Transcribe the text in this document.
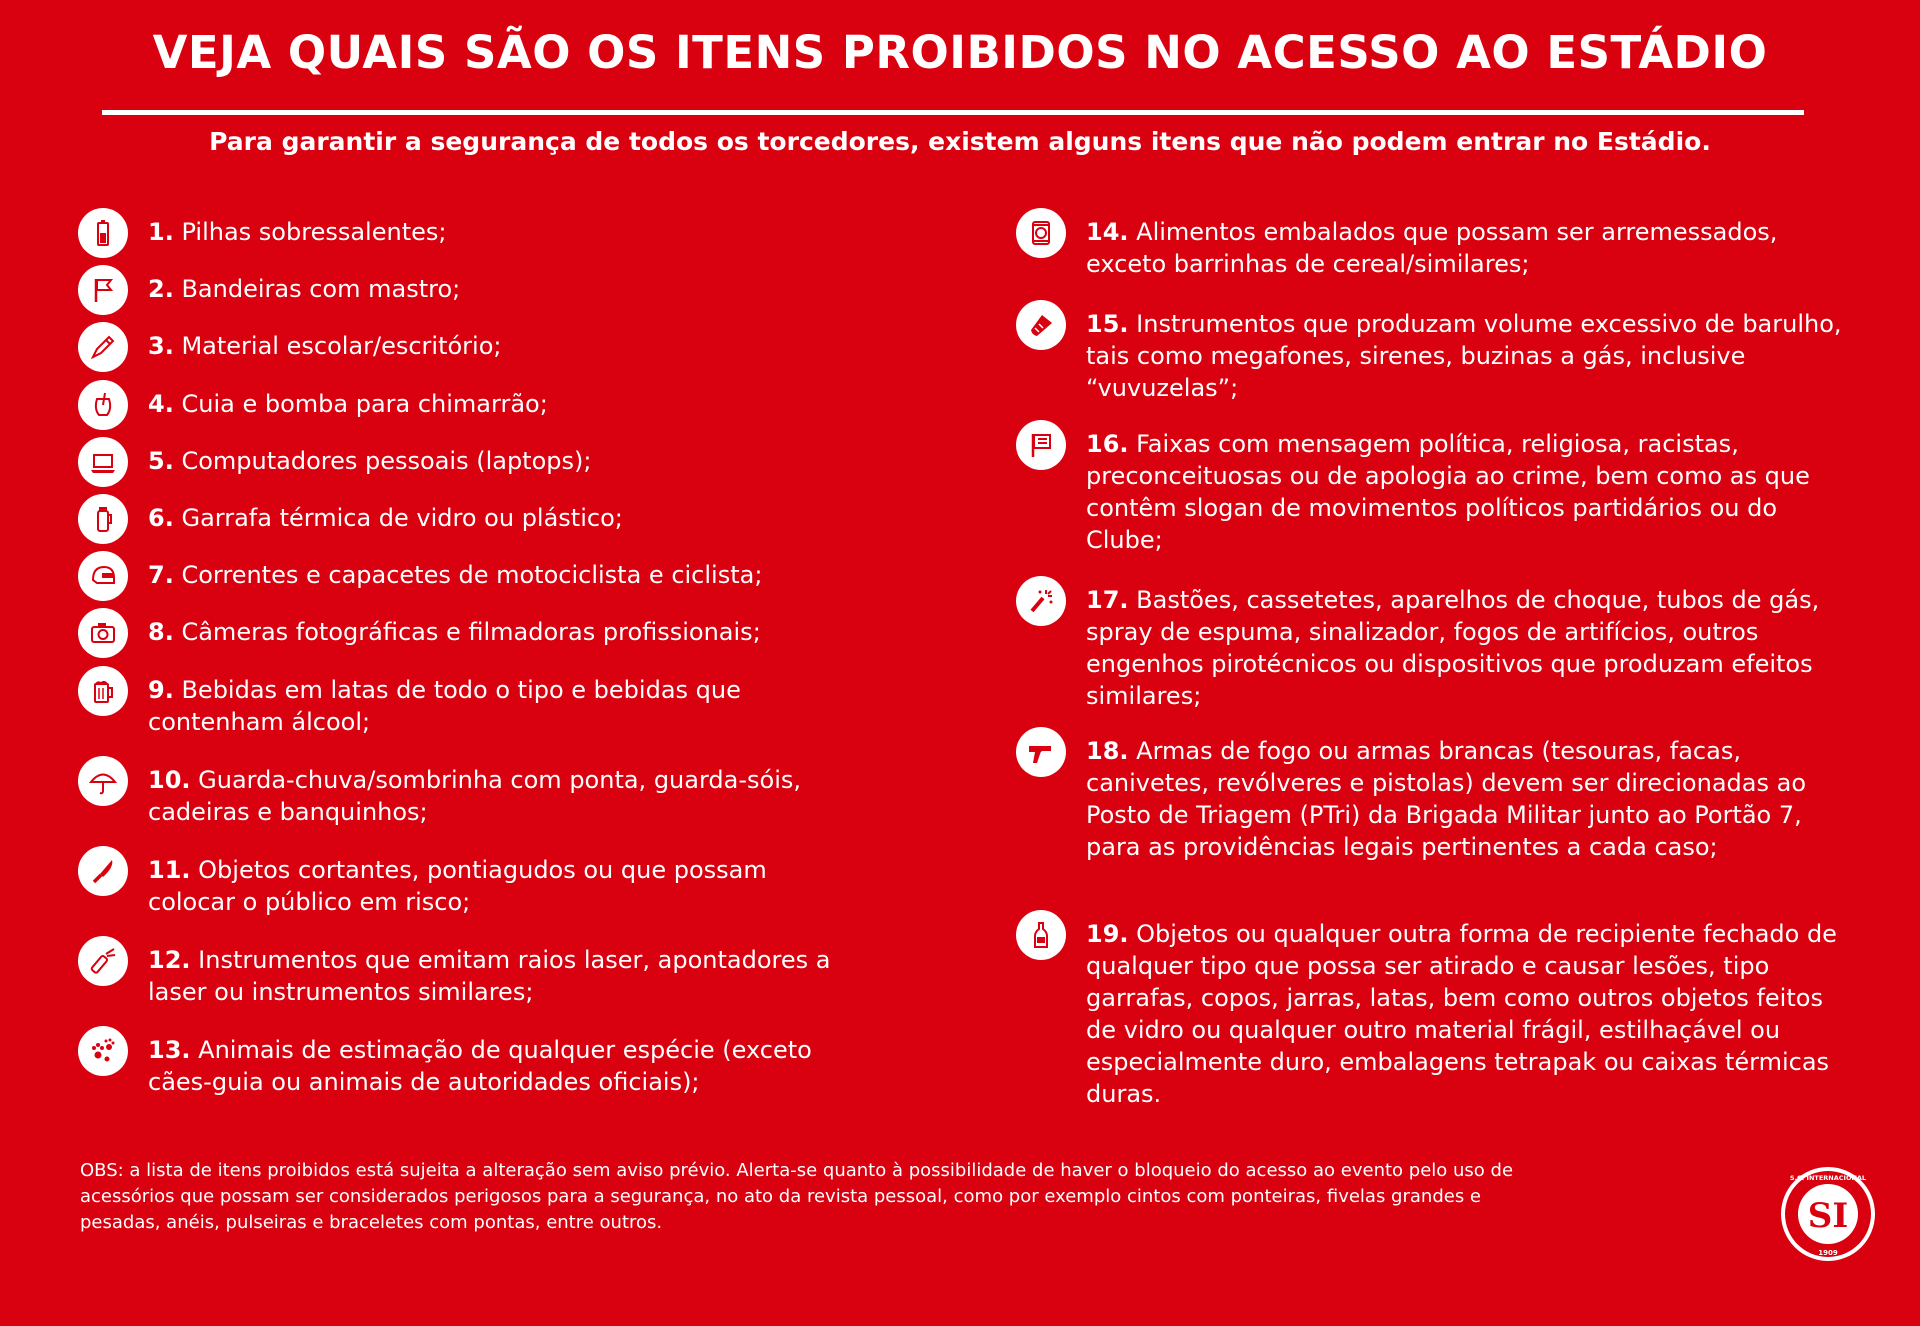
VEJA QUAIS SÃO OS ITENS PROIBIDOS NO ACESSO AO ESTÁDIO
Para garantir a segurança de todos os torcedores, existem alguns itens que não podem entrar no Estádio.
1. Pilhas sobressalentes;
2. Bandeiras com mastro;
3. Material escolar/escritório;
4. Cuia e bomba para chimarrão;
5. Computadores pessoais (laptops);
6. Garrafa térmica de vidro ou plástico;
7. Correntes e capacetes de motociclista e ciclista;
8. Câmeras fotográficas e filmadoras profissionais;
9. Bebidas em latas de todo o tipo e bebidas que contenham álcool;
10. Guarda-chuva/sombrinha com ponta, guarda-sóis, cadeiras e banquinhos;
11. Objetos cortantes, pontiagudos ou que possam colocar o público em risco;
12. Instrumentos que emitam raios laser, apontadores a laser ou instrumentos similares;
13. Animais de estimação de qualquer espécie (exceto cães-guia ou animais de autoridades oficiais);
14. Alimentos embalados que possam ser arremessados, exceto barrinhas de cereal/similares;
15. Instrumentos que produzam volume excessivo de barulho, tais como megafones, sirenes, buzinas a gás, inclusive “vuvuzelas”;
16. Faixas com mensagem política, religiosa, racistas, preconceituosas ou de apologia ao crime, bem como as que contêm slogan de movimentos políticos partidários ou do Clube;
17. Bastões, cassetetes, aparelhos de choque, tubos de gás, spray de espuma, sinalizador, fogos de artifícios, outros engenhos pirotécnicos ou dispositivos que produzam efeitos similares;
18. Armas de fogo ou armas brancas (tesouras, facas, canivetes, revólveres e pistolas) devem ser direcionadas ao Posto de Triagem (PTri) da Brigada Militar junto ao Portão 7, para as providências legais pertinentes a cada caso;
19. Objetos ou qualquer outra forma de recipiente fechado de qualquer tipo que possa ser atirado e causar lesões, tipo garrafas, copos, jarras, latas, bem como outros objetos feitos de vidro ou qualquer outro material frágil, estilhaçável ou especialmente duro, embalagens tetrapak ou caixas térmicas duras.
OBS: a lista de itens proibidos está sujeita a alteração sem aviso prévio. Alerta-se quanto à possibilidade de haver o bloqueio do acesso ao evento pelo uso de acessórios que possam ser considerados perigosos para a segurança, no ato da revista pessoal, como por exemplo cintos com ponteiras, fivelas grandes e pesadas, anéis, pulseiras e braceletes com pontas, entre outros.	SI
S.C. INTERNACIONAL
1909
